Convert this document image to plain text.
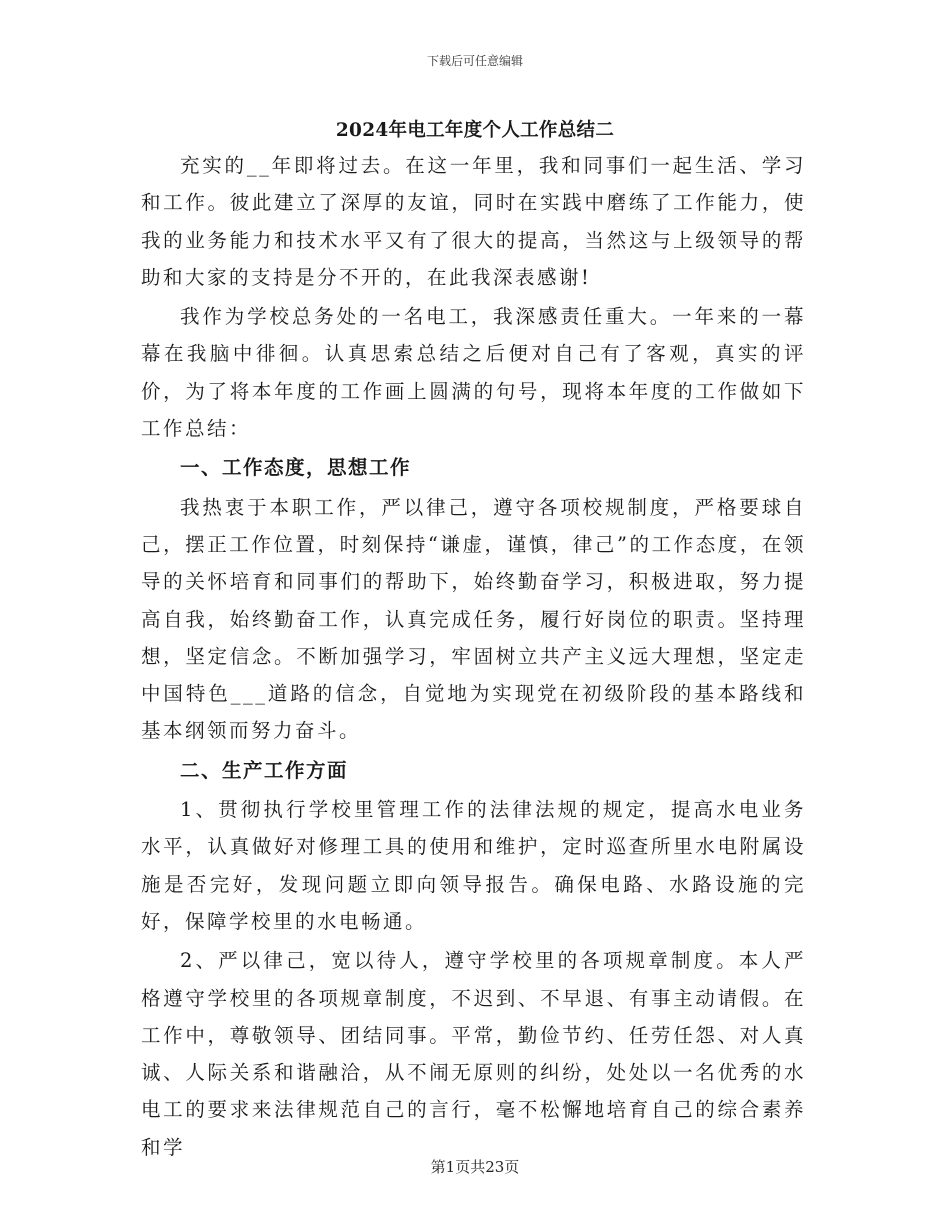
下载后可任意编辑
2024年电工年度个人工作总结二

充实的__年即将过去。在这一年里，我和同事们一起生活、学习和工作。彼此建立了深厚的友谊，同时在实践中磨练了工作能力，使我的业务能力和技术水平又有了很大的提高，当然这与上级领导的帮助和大家的支持是分不开的，在此我深表感谢!

我作为学校总务处的一名电工，我深感责任重大。一年来的一幕幕在我脑中徘徊。认真思索总结之后便对自己有了客观，真实的评价，为了将本年度的工作画上圆满的句号，现将本年度的工作做如下工作总结：

一、工作态度，思想工作

我热衷于本职工作，严以律己，遵守各项校规制度，严格要球自己，摆正工作位置，时刻保持“谦虚，谨慎，律己”的工作态度，在领导的关怀培育和同事们的帮助下，始终勤奋学习，积极进取，努力提高自我，始终勤奋工作，认真完成任务，履行好岗位的职责。坚持理想，坚定信念。不断加强学习，牢固树立共产主义远大理想，坚定走中国特色___道路的信念，自觉地为实现党在初级阶段的基本路线和基本纲领而努力奋斗。

二、生产工作方面

1、贯彻执行学校里管理工作的法律法规的规定，提高水电业务水平，认真做好对修理工具的使用和维护，定时巡查所里水电附属设施是否完好，发现问题立即向领导报告。确保电路、水路设施的完好，保障学校里的水电畅通。

2、严以律己，宽以待人，遵守学校里的各项规章制度。本人严格遵守学校里的各项规章制度，不迟到、不早退、有事主动请假。在工作中，尊敬领导、团结同事。平常，勤俭节约、任劳任怨、对人真诚、人际关系和谐融洽，从不闹无原则的纠纷，处处以一名优秀的水电工的要求来法律规范自己的言行，毫不松懈地培育自己的综合素养和学

第1页共23页
